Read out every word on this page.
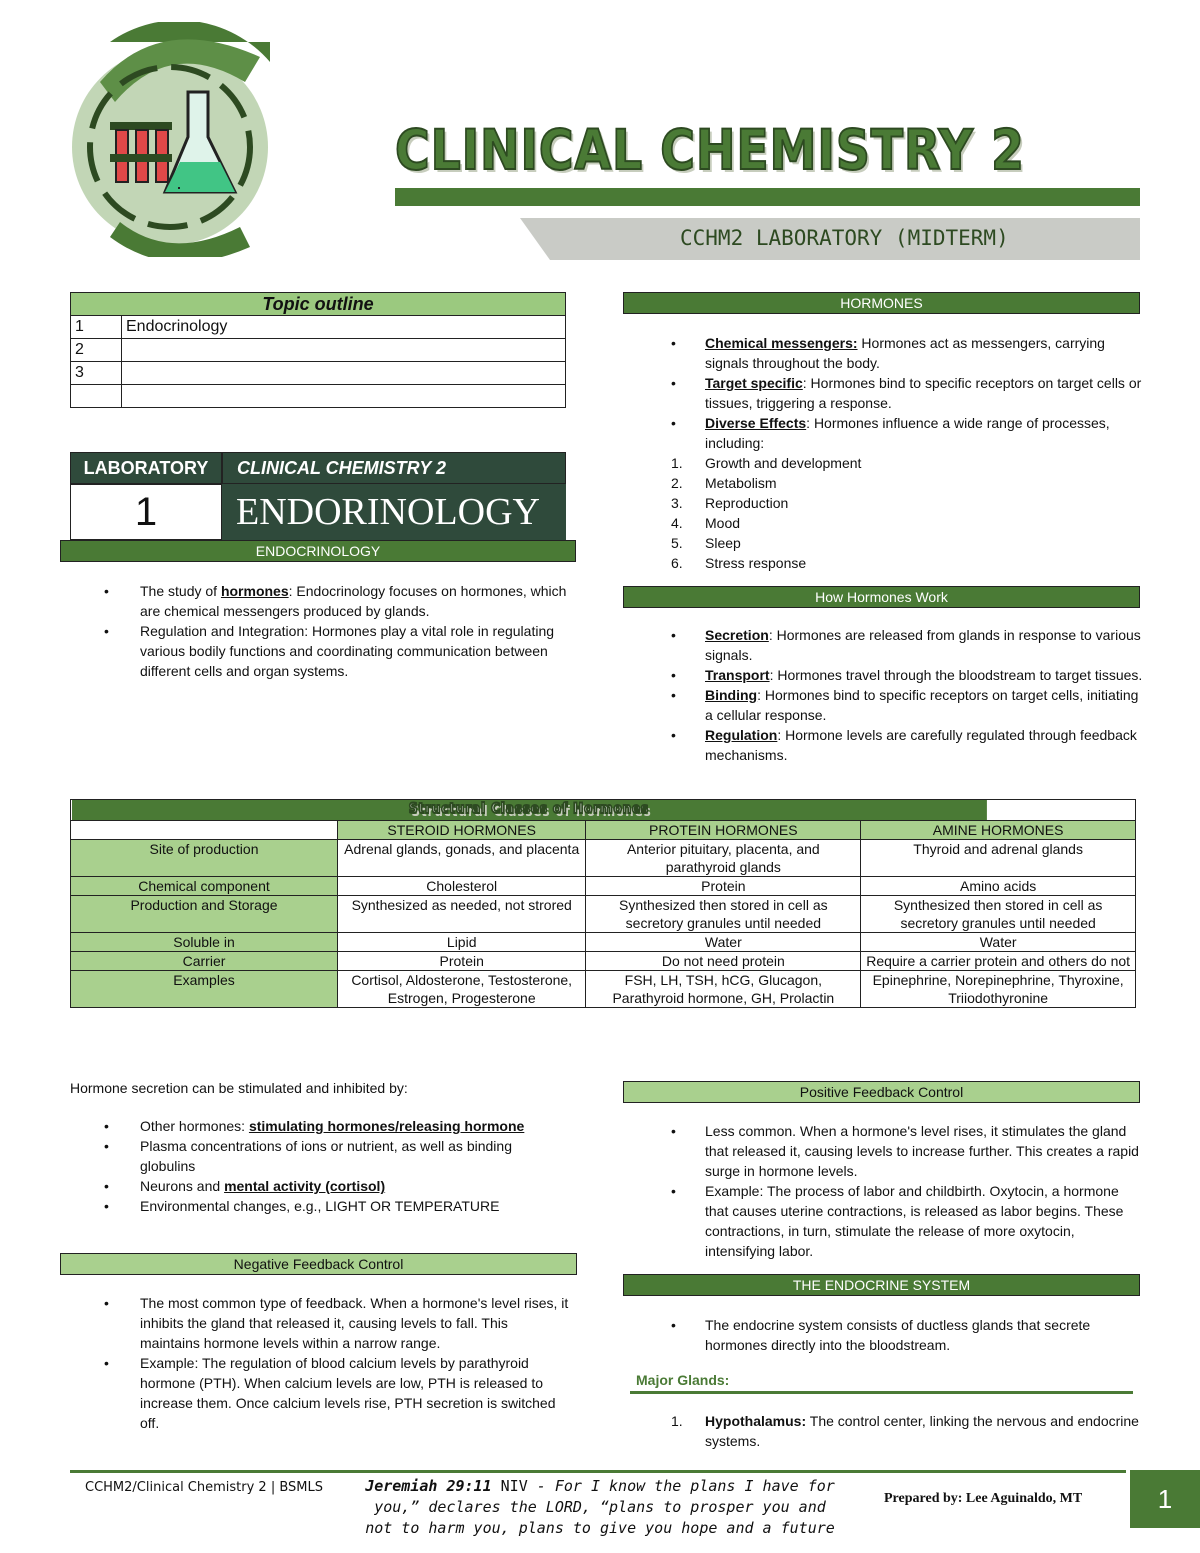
CLINICAL CHEMISTRY 2
CCHM2 LABORATORY (MIDTERM)
Topic outline	
1	Endocrinology
2	
3	

LABORATORY	CLINICAL CHEMISTRY 2
1	ENDORINOLOGY
ENDOCRINOLOGY
• The study of hormones: Endocrinology focuses on hormones, which are chemical messengers produced by glands.
• Regulation and Integration: Hormones play a vital role in regulating various bodily functions and coordinating communication between different cells and organ systems.
HORMONES
• Chemical messengers: Hormones act as messengers, carrying signals throughout the body.
• Target specific: Hormones bind to specific receptors on target cells or tissues, triggering a response.
• Diverse Effects: Hormones influence a wide range of processes, including:
1. Growth and development
2. Metabolism
3. Reproduction
4. Mood
5. Sleep
6. Stress response
How Hormones Work
• Secretion: Hormones are released from glands in response to various signals.
• Transport: Hormones travel through the bloodstream to target tissues.
• Binding: Hormones bind to specific receptors on target cells, initiating a cellular response.
• Regulation: Hormone levels are carefully regulated through feedback mechanisms.
Structural Classes of Hormones			
	STEROID HORMONES	PROTEIN HORMONES	AMINE HORMONES
Site of production	Adrenal glands, gonads, and placenta	Anterior pituitary, placenta, and parathyroid glands	Thyroid and adrenal glands
Chemical component	Cholesterol	Protein	Amino acids
Production and Storage	Synthesized as needed, not strored	Synthesized then stored in cell as secretory granules until needed	Synthesized then stored in cell as secretory granules until needed
Soluble in	Lipid	Water	Water
Carrier	Protein	Do not need protein	Require a carrier protein and others do not
Examples	Cortisol, Aldosterone, Testosterone, Estrogen, Progesterone	FSH, LH, TSH, hCG, Glucagon, Parathyroid hormone, GH, Prolactin	Epinephrine, Norepinephrine, Thyroxine, Triiodothyronine
Hormone secretion can be stimulated and inhibited by:
• Other hormones: stimulating hormones/releasing hormone
• Plasma concentrations of ions or nutrient, as well as binding globulins
• Neurons and mental activity (cortisol)
• Environmental changes, e.g., LIGHT OR TEMPERATURE
Negative Feedback Control
• The most common type of feedback. When a hormone's level rises, it inhibits the gland that released it, causing levels to fall. This maintains hormone levels within a narrow range.
• Example: The regulation of blood calcium levels by parathyroid hormone (PTH). When calcium levels are low, PTH is released to increase them. Once calcium levels rise, PTH secretion is switched off.
Positive Feedback Control
• Less common. When a hormone's level rises, it stimulates the gland that released it, causing levels to increase further. This creates a rapid surge in hormone levels.
• Example: The process of labor and childbirth. Oxytocin, a hormone that causes uterine contractions, is released as labor begins. These contractions, in turn, stimulate the release of more oxytocin, intensifying labor.
THE ENDOCRINE SYSTEM
• The endocrine system consists of ductless glands that secrete hormones directly into the bloodstream.
Major Glands:
1. Hypothalamus: The control center, linking the nervous and endocrine systems.
CCHM2/Clinical Chemistry 2 | BSMLS	Jeremiah 29:11 NIV - For I know the plans I have for you,” declares the LORD, “plans to prosper you and not to harm you, plans to give you hope and a future
Prepared by: Lee Aguinaldo, MT	1
